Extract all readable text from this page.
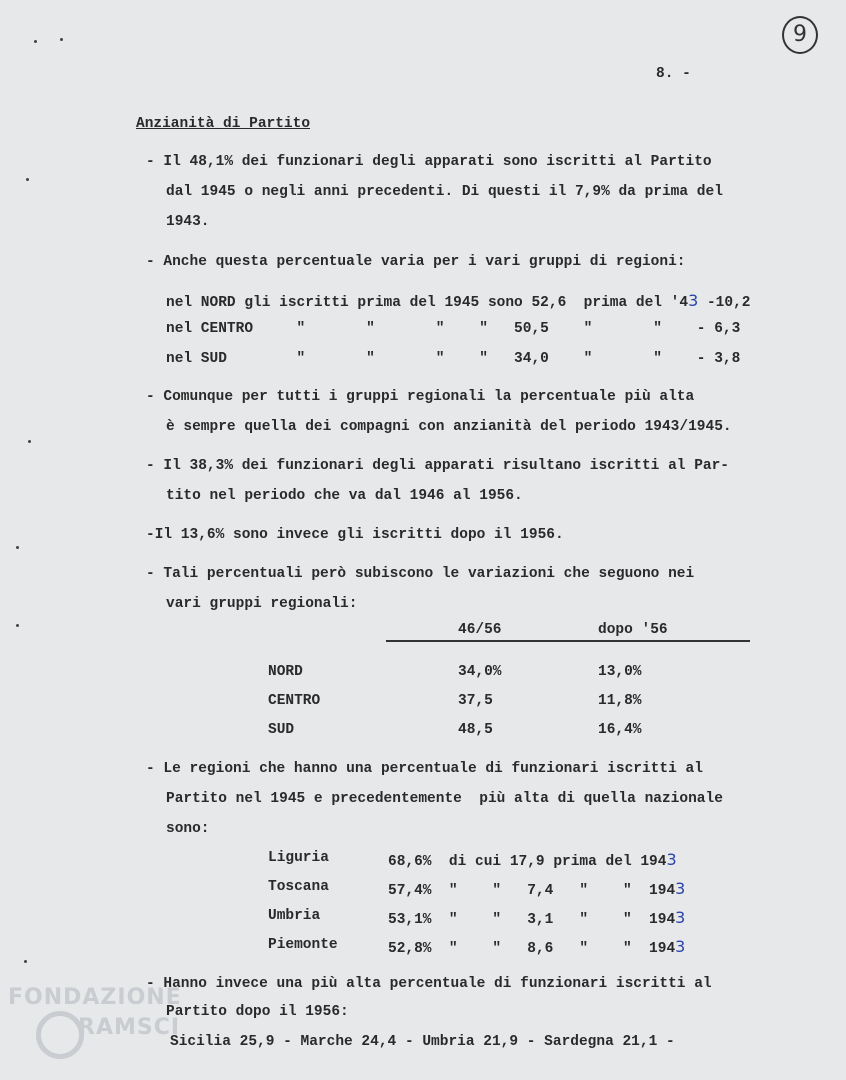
9
8. -
Anzianità di Partito
- Il 48,1% dei funzionari degli apparati sono iscritti al Partito
dal 1945 o negli anni precedenti. Di questi il 7,9% da prima del
1943.
- Anche questa percentuale varia per i vari gruppi di regioni:
nel NORD gli iscritti prima del 1945 sono 52,6  prima del '43 -10,2
nel CENTRO     "       "       "    "   50,5    "       "    - 6,3
nel SUD        "       "       "    "   34,0    "       "    - 3,8
- Comunque per tutti i gruppi regionali la percentuale più alta
è sempre quella dei compagni con anzianità del periodo 1943/1945.
- Il 38,3% dei funzionari degli apparati risultano iscritti al Par-
tito nel periodo che va dal 1946 al 1956.
-Il 13,6% sono invece gli iscritti dopo il 1956.
- Tali percentuali però subiscono le variazioni che seguono nei
vari gruppi regionali:
46/56	dopo '56
NORD	34,0%	13,0%
CENTRO	37,5	11,8%
SUD	48,5	16,4%
- Le regioni che hanno una percentuale di funzionari iscritti al
Partito nel 1945 e precedentemente  più alta di quella nazionale
sono:
Liguria	68,6%  di cui 17,9 prima del 1943
Toscana	57,4%  "    "   7,4   "    "  1943
Umbria	53,1%  "    "   3,1   "    "  1943
Piemonte	52,8%  "    "   8,6   "    "  1943
- Hanno invece una più alta percentuale di funzionari iscritti al
Partito dopo il 1956:
Sicilia 25,9 - Marche 24,4 - Umbria 21,9 - Sardegna 21,1 -
FONDAZIONE
RAMSCI
